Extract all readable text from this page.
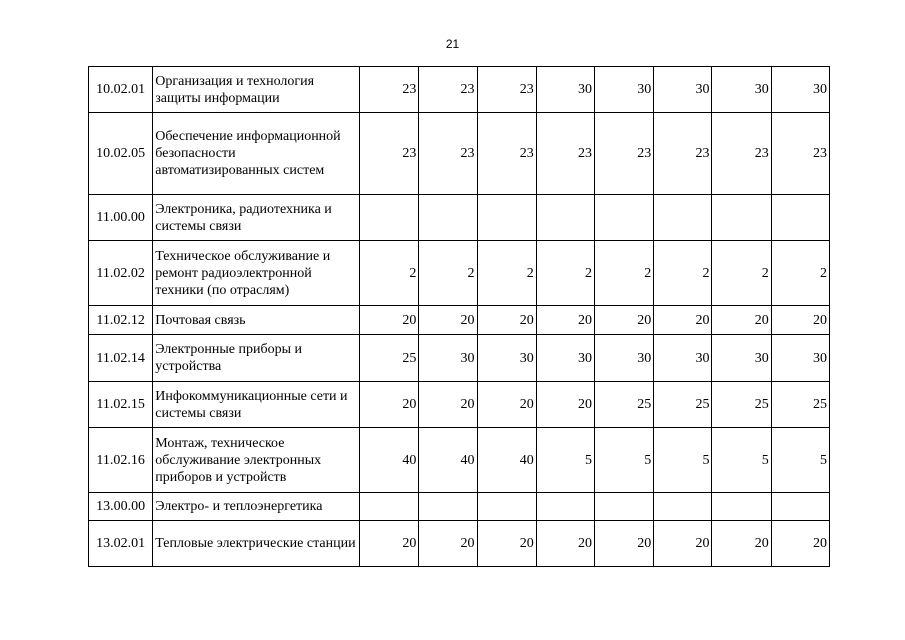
21
10.02.01	Организация и технология защиты информации	23	23	23	30	30	30	30	30
10.02.05	Обеспечение информационной безопасности автоматизированных систем	23	23	23	23	23	23	23	23
11.00.00	Электроника, радиотехника и системы связи								
11.02.02	Техническое обслуживание и ремонт радиоэлектронной техники (по отраслям)	2	2	2	2	2	2	2	2
11.02.12	Почтовая связь	20	20	20	20	20	20	20	20
11.02.14	Электронные приборы и устройства	25	30	30	30	30	30	30	30
11.02.15	Инфокоммуникационные сети и системы связи	20	20	20	20	25	25	25	25
11.02.16	Монтаж, техническое обслуживание электронных приборов и устройств	40	40	40	5	5	5	5	5
13.00.00	Электро- и теплоэнергетика								
13.02.01	Тепловые электрические станции	20	20	20	20	20	20	20	20
